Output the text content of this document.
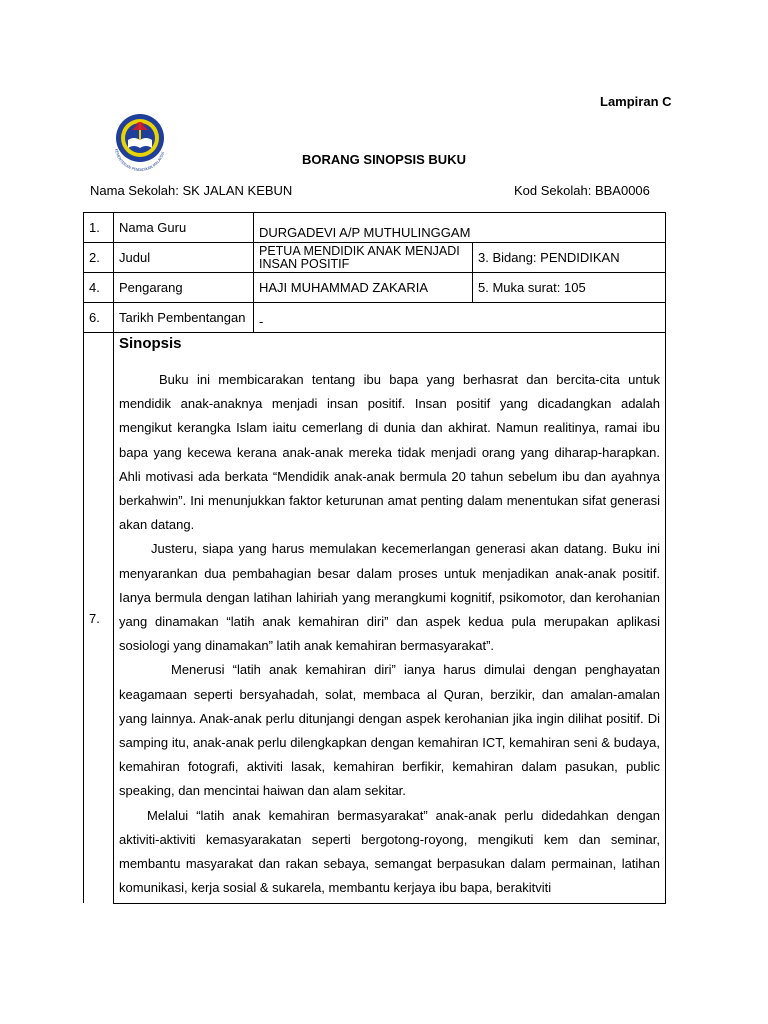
Lampiran C
KEMENTERIAN PENDIDIKAN MALAYSIA	BORANG SINOPSIS BUKU
Nama Sekolah: SK JALAN KEBUN	Kod Sekolah: BBA0006
1.	Nama Guru	DURGADEVI A/P MUTHULINGGAM	

2.	Judul	PETUA MENDIDIK ANAK MENJADI INSAN POSITIF	3. Bidang: PENDIDIKAN
4.	Pengarang	HAJI MUHAMMAD ZAKARIA	5. Muka surat: 105
6.	Tarikh Pembentangan	-	

7.	Sinopsis

Buku ini membicarakan tentang ibu bapa yang berhasrat dan bercita-cita untuk mendidik anak-anaknya menjadi insan positif. Insan positif yang dicadangkan adalah mengikut kerangka Islam iaitu cemerlang di dunia dan akhirat. Namun realitinya, ramai ibu bapa yang kecewa kerana anak-anak mereka tidak menjadi orang yang diharap-harapkan. Ahli motivasi ada berkata “Mendidik anak-anak bermula 20 tahun sebelum ibu dan ayahnya berkahwin”. Ini menunjukkan faktor keturunan amat penting dalam menentukan sifat generasi akan datang.

Justeru, siapa yang harus memulakan kecemerlangan generasi akan datang. Buku ini menyarankan dua pembahagian besar dalam proses untuk menjadikan anak-anak positif. Ianya bermula dengan latihan lahiriah yang merangkumi kognitif, psikomotor, dan kerohanian yang dinamakan “latih anak kemahiran diri” dan aspek kedua pula merupakan aplikasi sosiologi yang dinamakan” latih anak kemahiran bermasyarakat”.

Menerusi “latih anak kemahiran diri” ianya harus dimulai dengan penghayatan keagamaan seperti bersyahadah, solat, membaca al Quran, berzikir, dan amalan-amalan yang lainnya. Anak-anak perlu ditunjangi dengan aspek kerohanian jika ingin dilihat positif. Di samping itu, anak-anak perlu dilengkapkan dengan kemahiran ICT, kemahiran seni & budaya, kemahiran fotografi, aktiviti lasak, kemahiran berfikir, kemahiran dalam pasukan, public speaking, dan mencintai haiwan dan alam sekitar.

Melalui “latih anak kemahiran bermasyarakat” anak-anak perlu didedahkan dengan aktiviti-aktiviti kemasyarakatan seperti bergotong-royong, mengikuti kem dan seminar, membantu masyarakat dan rakan sebaya, semangat berpasukan dalam permainan, latihan komunikasi, kerja sosial & sukarela, membantu kerjaya ibu bapa, berakitviti		
